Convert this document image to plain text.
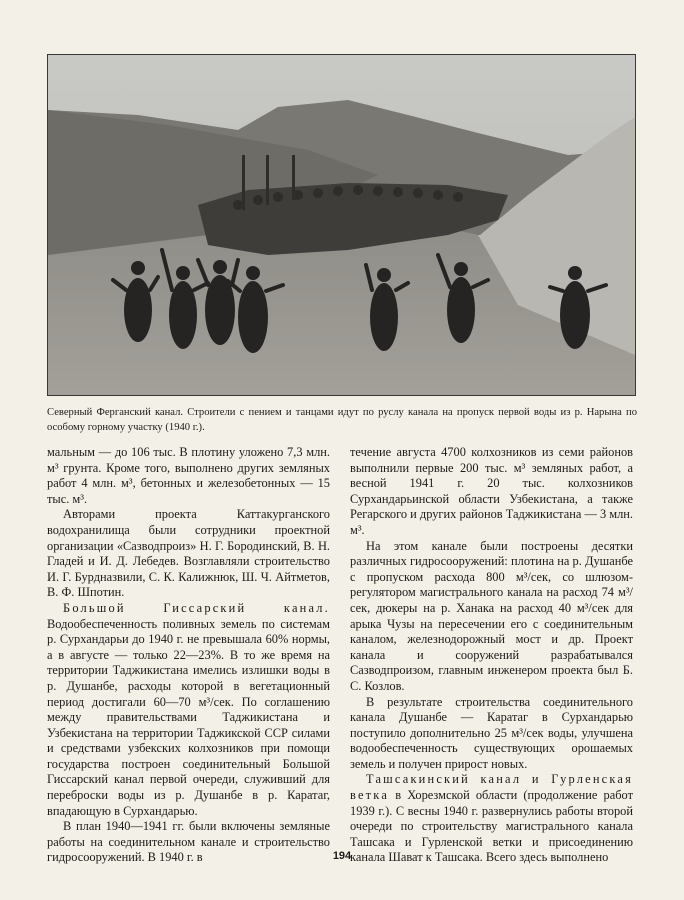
Северный Ферганский канал. Строители с пением и танцами идут по руслу канала на пропуск первой воды из р. Нарына по особому горному участку (1940 г.).

мальным — до 106 тыс. В плотину уложено 7,3 млн. м³ грунта. Кроме того, выполнено других земляных работ 4 млн. м³, бетонных и железобетонных — 15 тыс. м³.

Авторами проекта Каттакурганского водохранилища были сотрудники проектной организации «Сазводпроиз» Н. Г. Бородинский, В. Н. Гладей и И. Д. Лебедев. Возглавляли строительство И. Г. Бурдназвили, С. К. Калижнюк, Ш. Ч. Айтметов, В. Ф. Шпотин.

Большой Гиссарский канал. Водообеспеченность поливных земель по системам р. Сурхандарьи до 1940 г. не превышала 60% нормы, а в августе — только 22—23%. В то же время на территории Таджикистана имелись излишки воды в р. Душанбе, расходы которой в вегетационный период достигали 60—70 м³/сек. По соглашению между правительствами Таджикистана и Узбекистана на территории Таджикской ССР силами и средствами узбекских колхозников при помощи государства построен соединительный Большой Гиссарский канал первой очереди, служивший для переброски воды из р. Душанбе в р. Каратаг, впадающую в Сурхандарью.

В план 1940—1941 гг. были включены земляные работы на соединительном канале и строительство гидросооружений. В 1940 г. в

течение августа 4700 колхозников из семи районов выполнили первые 200 тыс. м³ земляных работ, а весной 1941 г. 20 тыс. колхозников Сурхандарьинской области Узбекистана, а также Регарского и других районов Таджикистана — 3 млн. м³.

На этом канале были построены десятки различных гидросооружений: плотина на р. Душанбе с пропуском расхода 800 м³/сек, со шлюзом-регулятором магистрального канала на расход 74 м³/сек, дюкеры на р. Ханака на расход 40 м³/сек для арыка Чузы на пересечении его с соединительным каналом, железнодорожный мост и др. Проект канала и сооружений разрабатывался Сазводпроизом, главным инженером проекта был Б. С. Козлов.

В результате строительства соединительного канала Душанбе — Каратаг в Сурхандарью поступило дополнительно 25 м³/сек воды, улучшена водообеспеченность существующих орошаемых земель и получен прирост новых.

Ташсакинский канал и Гурленская ветка в Хорезмской области (продолжение работ 1939 г.). С весны 1940 г. развернулись работы второй очереди по строительству магистрального канала Ташсака и Гурленской ветки и присоединению канала Шават к Ташсака. Всего здесь выполнено

194
